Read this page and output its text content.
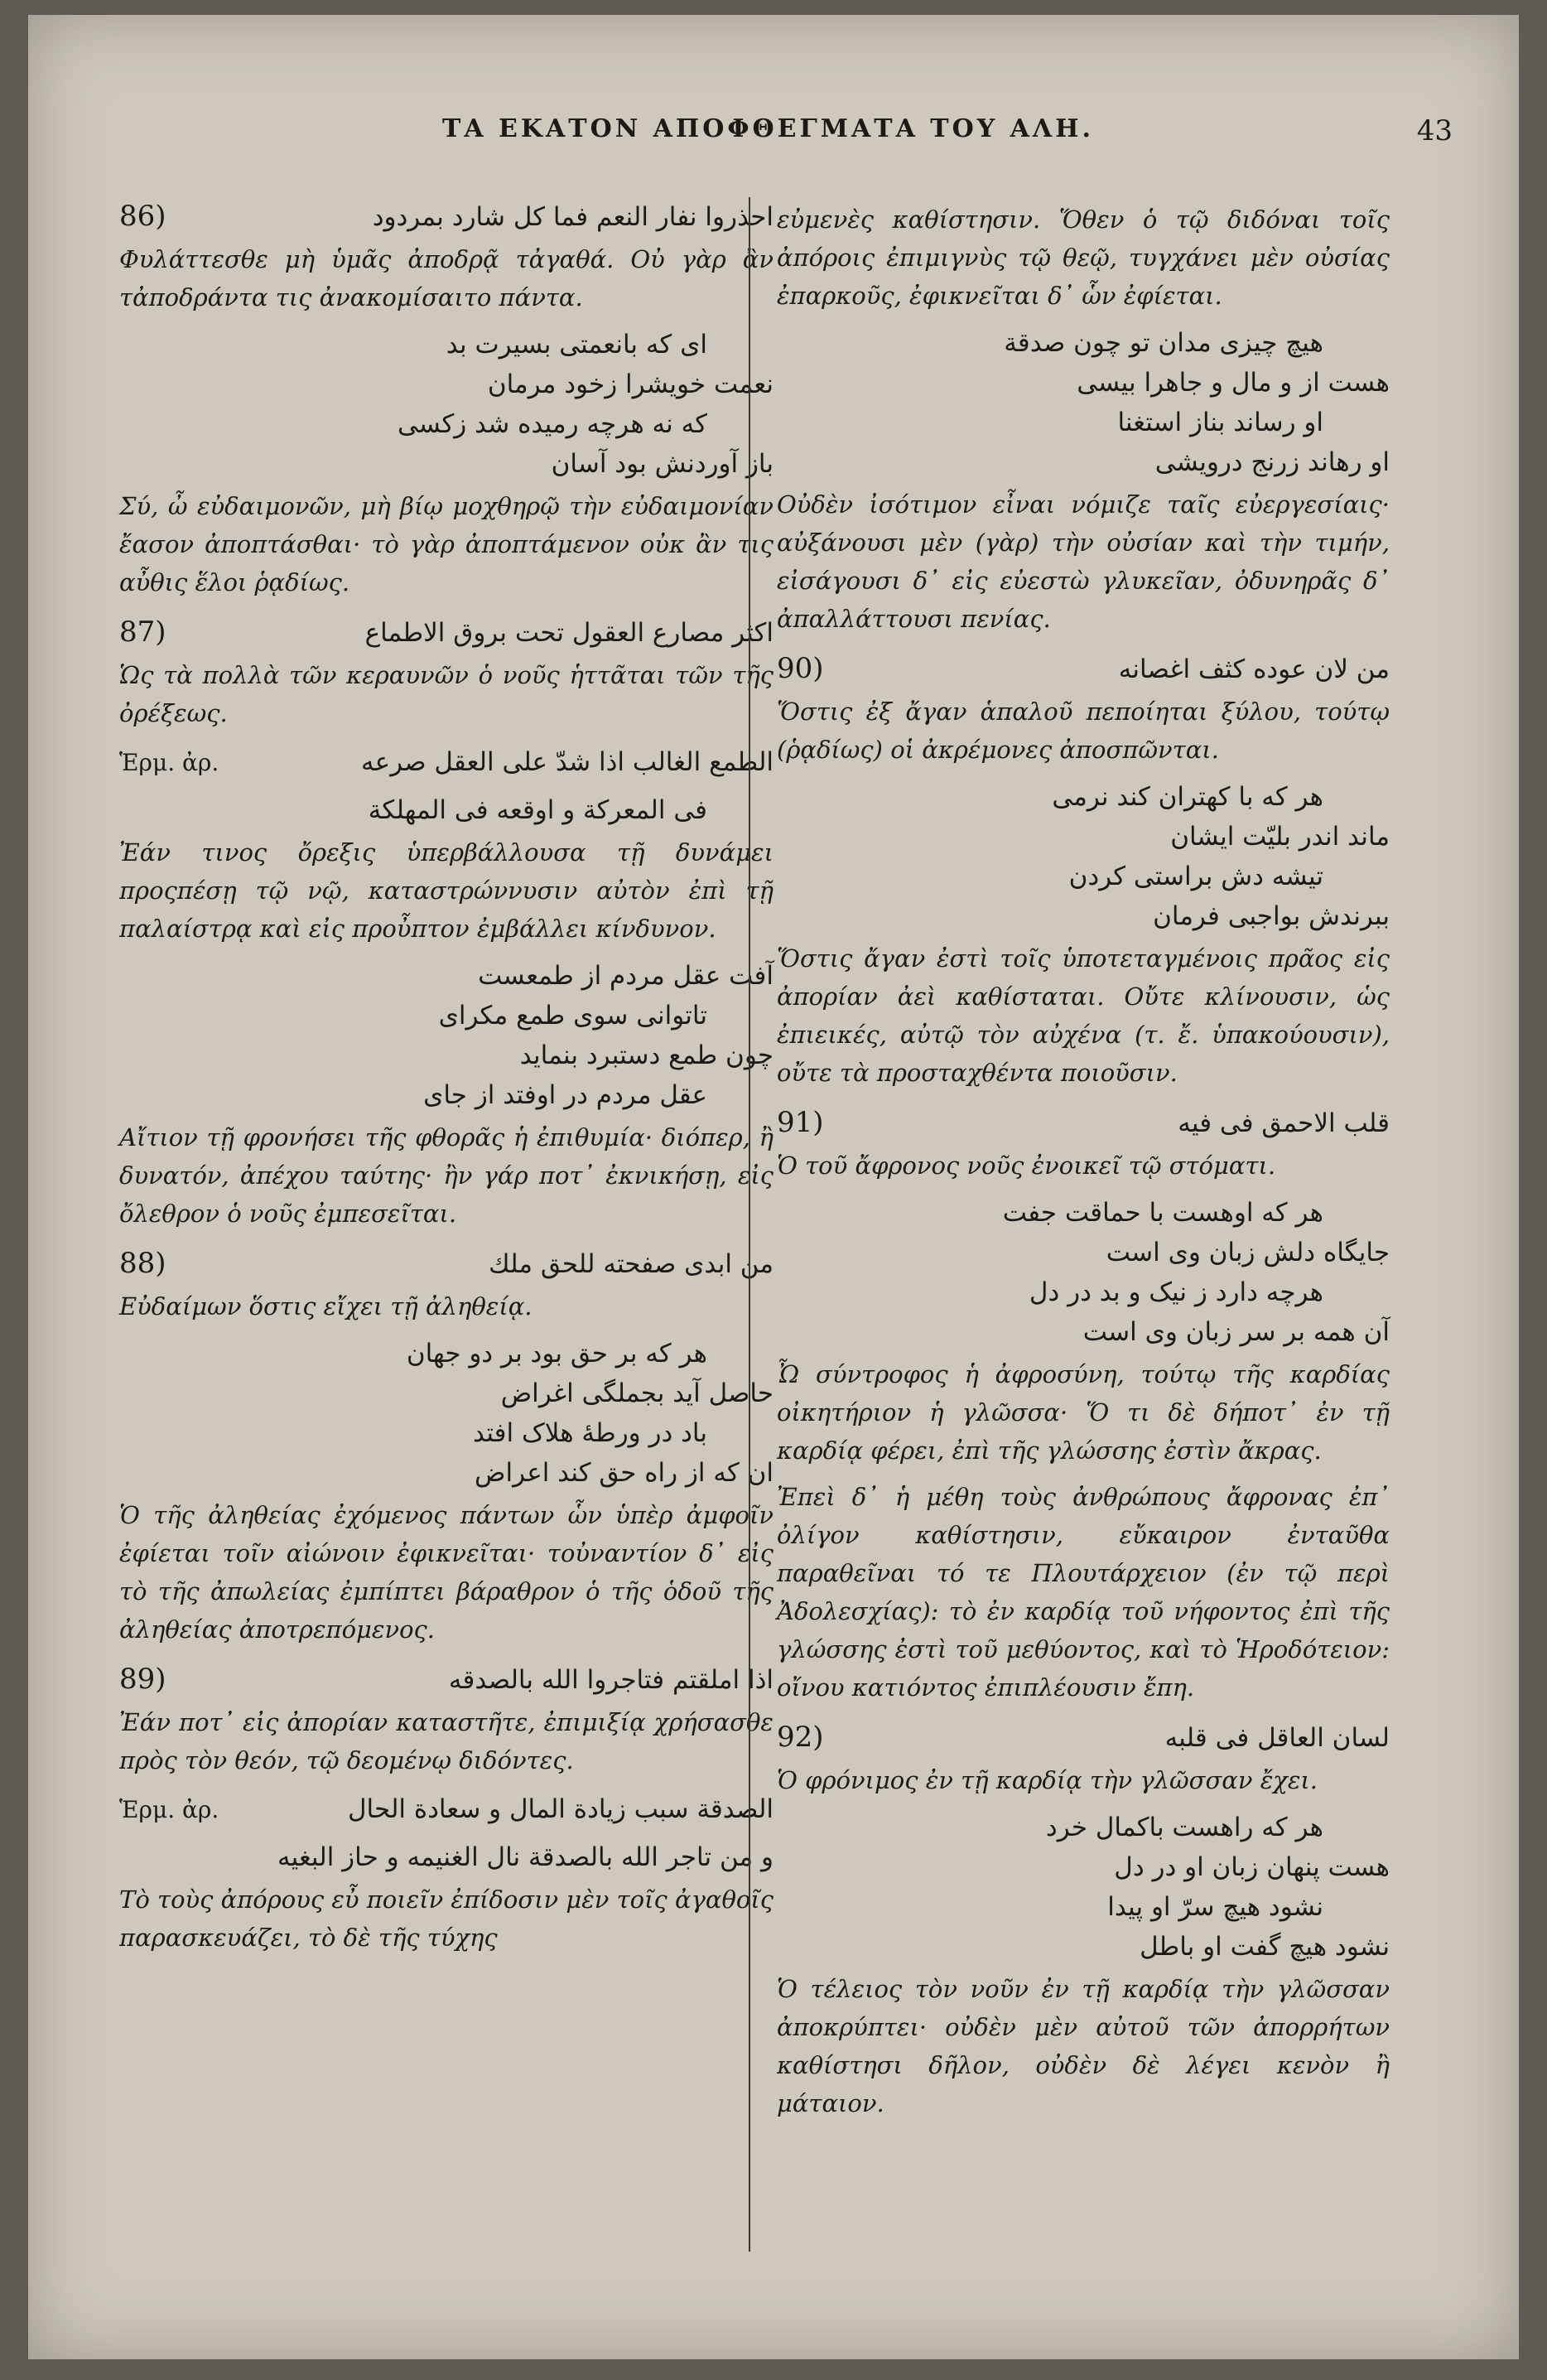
ΤΑ ΕΚΑΤΟΝ ΑΠΟΦΘΕΓΜΑΤΑ ΤΟΥ ΑΛΗ.	43
86)	احذروا نفار النعم فما كل شارد بمردود

Φυλάττεσθε μὴ ὑμᾶς ἀποδρᾷ τἀγαθά. Οὐ γὰρ ἂν τἀποδράντα τις ἀνακομίσαιτο πάντα.

ای که بانعمتی بسیرت بد

نعمت خویشرا زخود مرمان

که نه هرچه رمیده شد زکسی

باز آوردنش بود آسان

Σύ, ὦ εὐδαιμονῶν, μὴ βίῳ μοχθηρῷ τὴν εὐδαιμονίαν ἔασον ἀποπτάσθαι· τὸ γὰρ ἀποπτάμενον οὐκ ἂν τις αὖθις ἕλοι ῥᾳδίως.

87)	اكثر مصارع العقول تحت بروق الاطماع

Ὡς τὰ πολλὰ τῶν κεραυνῶν ὁ νοῦς ἡττᾶται τῶν τῆς ὀρέξεως.

Ἑρμ. ἀρ.	الطمع الغالب اذا شدّ على العقل صرعه

فى المعركة و اوقعه فى المهلكة

Ἐάν τινος ὄρεξις ὑπερβάλλουσα τῇ δυνάμει προςπέσῃ τῷ νῷ, καταστρώννυσιν αὐτὸν ἐπὶ τῇ παλαίστρᾳ καὶ εἰς προὖπτον ἐμβάλλει κίνδυνον.

آفت عقل مردم از طمعست

تاتوانی سوی طمع مکرای

چون طمع دستبرد بنماید

عقل مردم در اوفتد از جای

Αἴτιον τῇ φρονήσει τῆς φθορᾶς ἡ ἐπιθυμία· διόπερ, ἢ δυνατόν, ἀπέχου ταύτης· ἢν γάρ ποτ᾽ ἐκνικήσῃ, εἰς ὄλεθρον ὁ νοῦς ἐμπεσεῖται.

88)	من ابدى صفحته للحق ملك

Εὐδαίμων ὅστις εἴχει τῇ ἀληθείᾳ.

هر که بر حق بود بر دو جهان

حاصل آید بجملگی اغراض

باد در ورطهٔ هلاک افتد

ان که از راه حق کند اعراض

Ὁ τῆς ἀληθείας ἐχόμενος πάντων ὧν ὑπὲρ ἀμφοῖν ἐφίεται τοῖν αἰώνοιν ἐφικνεῖται· τοὐναντίον δ᾽ εἰς τὸ τῆς ἀπωλείας ἐμπίπτει βάραθρον ὁ τῆς ὁδοῦ τῆς ἀληθείας ἀποτρεπόμενος.

89)	اذا املقتم فتاجروا الله بالصدقه

Ἐάν ποτ᾽ εἰς ἀπορίαν καταστῆτε, ἐπιμιξίᾳ χρήσασθε πρὸς τὸν θεόν, τῷ δεομένῳ διδόντες.

Ἑρμ. ἀρ.	الصدقة سبب زيادة المال و سعادة الحال

و من تاجر الله بالصدقة نال الغنيمه و حاز البغيه

Τὸ τοὺς ἀπόρους εὖ ποιεῖν ἐπίδοσιν μὲν τοῖς ἀγαθοῖς παρασκευάζει, τὸ δὲ τῆς τύχης

εὐμενὲς καθίστησιν. Ὅθεν ὁ τῷ διδόναι τοῖς ἀπόροις ἐπιμιγνὺς τῷ θεῷ, τυγχάνει μὲν οὐσίας ἐπαρκοῦς, ἐφικνεῖται δ᾽ ὧν ἐφίεται.

هیچ چیزی مدان تو چون صدقة

هست از و مال و جاهرا بیسی

او رساند بناز استغنا

او رهاند زرنج درویشی

Οὐδὲν ἰσότιμον εἶναι νόμιζε ταῖς εὐεργεσίαις· αὐξάνουσι μὲν (γὰρ) τὴν οὐσίαν καὶ τὴν τιμήν, εἰσάγουσι δ᾽ εἰς εὐεστὼ γλυκεῖαν, ὀδυνηρᾶς δ᾽ ἀπαλλάττουσι πενίας.

90)	من لان عوده كثف اغصانه

Ὅστις ἐξ ἄγαν ἁπαλοῦ πεποίηται ξύλου, τούτῳ (ῥᾳδίως) οἱ ἀκρέμονες ἀποσπῶνται.

هر که با کهتران کند نرمی

ماند اندر بلیّت ایشان

تیشه دش براستی کردن

ببرندش بواجبی فرمان

Ὅστις ἄγαν ἐστὶ τοῖς ὑποτεταγμένοις πρᾶος εἰς ἀπορίαν ἀεὶ καθίσταται. Οὔτε κλίνουσιν, ὡς ἐπιεικές, αὐτῷ τὸν αὐχένα (τ. ἔ. ὑπακούουσιν), οὔτε τὰ προσταχθέντα ποιοῦσιν.

91)	قلب الاحمق فى فيه

Ὁ τοῦ ἄφρονος νοῦς ἐνοικεῖ τῷ στόματι.

هر که اوهست با حماقت جفت

جایگاه دلش زبان وی است

هرچه دارد ز نیک و بد در دل

آن همه بر سر زبان وی است

Ὦ σύντροφος ἡ ἀφροσύνη, τούτῳ τῆς καρδίας οἰκητήριον ἡ γλῶσσα· Ὅ τι δὲ δήποτ᾽ ἐν τῇ καρδίᾳ φέρει, ἐπὶ τῆς γλώσσης ἐστὶν ἄκρας.

Ἐπεὶ δ᾽ ἡ μέθη τοὺς ἀνθρώπους ἄφρονας ἐπ᾽ ὀλίγον καθίστησιν, εὔκαιρον ἐνταῦθα παραθεῖναι τό τε Πλουτάρχειον (ἐν τῷ περὶ Ἀδολεσχίας): τὸ ἐν καρδίᾳ τοῦ νήφοντος ἐπὶ τῆς γλώσσης ἐστὶ τοῦ μεθύοντος, καὶ τὸ Ἡροδότειον: οἴνου κατιόντος ἐπιπλέουσιν ἔπη.

92)	لسان العاقل فى قلبه

Ὁ φρόνιμος ἐν τῇ καρδίᾳ τὴν γλῶσσαν ἔχει.

هر که راهست باکمال خرد

هست پنهان زبان او در دل

نشود هیچ سرّ او پیدا

نشود هیچ گفت او باطل

Ὁ τέλειος τὸν νοῦν ἐν τῇ καρδίᾳ τὴν γλῶσσαν ἀποκρύπτει· οὐδὲν μὲν αὐτοῦ τῶν ἀπορρήτων καθίστησι δῆλον, οὐδὲν δὲ λέγει κενὸν ἢ μάταιον.
